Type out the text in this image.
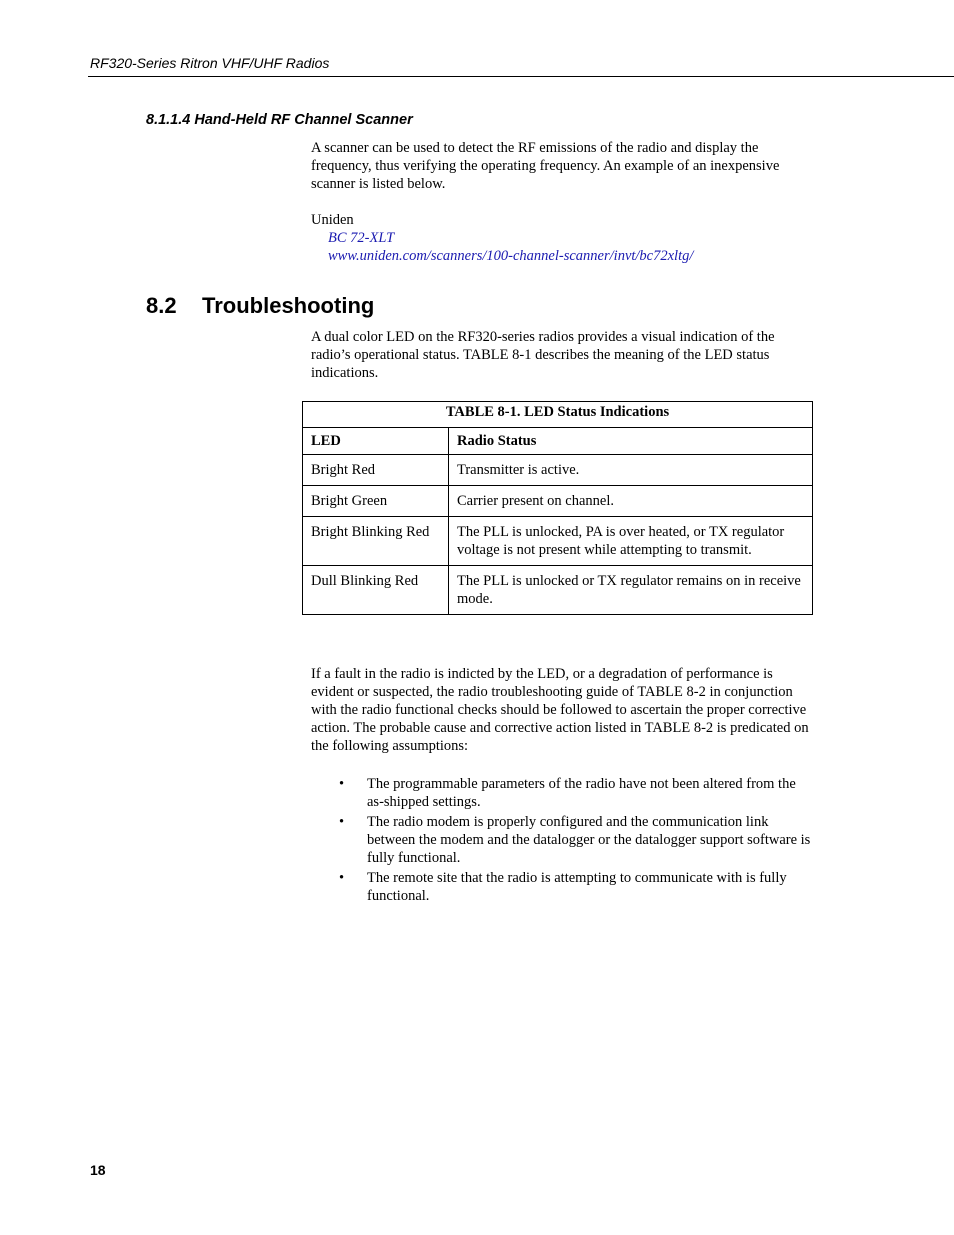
RF320-Series Ritron VHF/UHF Radios
8.1.1.4 Hand-Held RF Channel Scanner
A scanner can be used to detect the RF emissions of the radio and display the frequency, thus verifying the operating frequency. An example of an inexpensive scanner is listed below.
Uniden
BC 72-XLT
www.uniden.com/scanners/100-channel-scanner/invt/bc72xltg/
8.2 Troubleshooting
A dual color LED on the RF320-series radios provides a visual indication of the radio’s operational status. TABLE 8-1 describes the meaning of the LED status indications.
TABLE 8-1. LED Status Indications	
LED	Radio Status
Bright Red	Transmitter is active.
Bright Green	Carrier present on channel.
Bright Blinking Red	The PLL is unlocked, PA is over heated, or TX regulator voltage is not present while attempting to transmit.
Dull Blinking Red	The PLL is unlocked or TX regulator remains on in receive mode.
If a fault in the radio is indicted by the LED, or a degradation of performance is evident or suspected, the radio troubleshooting guide of TABLE 8-2 in conjunction with the radio functional checks should be followed to ascertain the proper corrective action. The probable cause and corrective action listed in TABLE 8-2 is predicated on the following assumptions:
• The programmable parameters of the radio have not been altered from the as-shipped settings.
• The radio modem is properly configured and the communication link between the modem and the datalogger or the datalogger support software is fully functional.
• The remote site that the radio is attempting to communicate with is fully functional.
18
